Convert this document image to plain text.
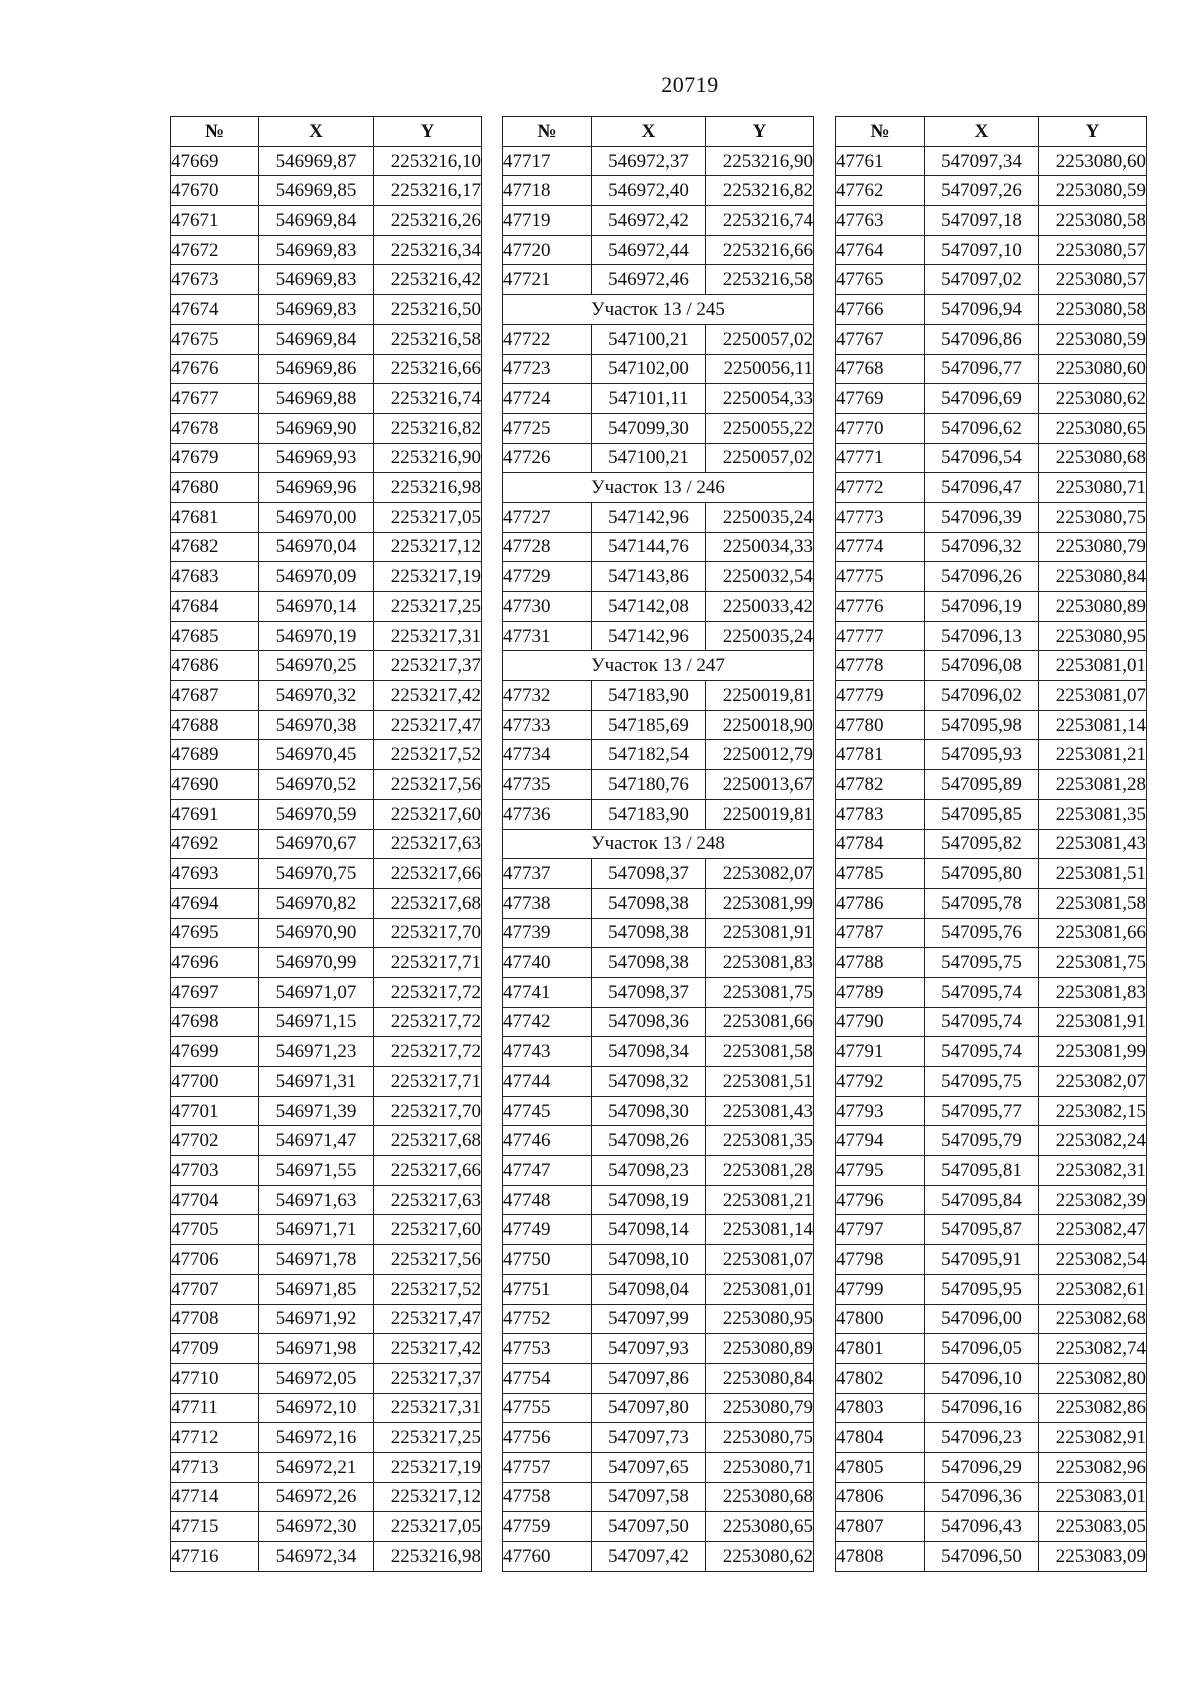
20719
№	X	Y
47669	546969,87	2253216,10
47670	546969,85	2253216,17
47671	546969,84	2253216,26
47672	546969,83	2253216,34
47673	546969,83	2253216,42
47674	546969,83	2253216,50
47675	546969,84	2253216,58
47676	546969,86	2253216,66
47677	546969,88	2253216,74
47678	546969,90	2253216,82
47679	546969,93	2253216,90
47680	546969,96	2253216,98
47681	546970,00	2253217,05
47682	546970,04	2253217,12
47683	546970,09	2253217,19
47684	546970,14	2253217,25
47685	546970,19	2253217,31
47686	546970,25	2253217,37
47687	546970,32	2253217,42
47688	546970,38	2253217,47
47689	546970,45	2253217,52
47690	546970,52	2253217,56
47691	546970,59	2253217,60
47692	546970,67	2253217,63
47693	546970,75	2253217,66
47694	546970,82	2253217,68
47695	546970,90	2253217,70
47696	546970,99	2253217,71
47697	546971,07	2253217,72
47698	546971,15	2253217,72
47699	546971,23	2253217,72
47700	546971,31	2253217,71
47701	546971,39	2253217,70
47702	546971,47	2253217,68
47703	546971,55	2253217,66
47704	546971,63	2253217,63
47705	546971,71	2253217,60
47706	546971,78	2253217,56
47707	546971,85	2253217,52
47708	546971,92	2253217,47
47709	546971,98	2253217,42
47710	546972,05	2253217,37
47711	546972,10	2253217,31
47712	546972,16	2253217,25
47713	546972,21	2253217,19
47714	546972,26	2253217,12
47715	546972,30	2253217,05
47716	546972,34	2253216,98
№	X	Y
47717	546972,37	2253216,90
47718	546972,40	2253216,82
47719	546972,42	2253216,74
47720	546972,44	2253216,66
47721	546972,46	2253216,58
Участок 13 / 245		
47722	547100,21	2250057,02
47723	547102,00	2250056,11
47724	547101,11	2250054,33
47725	547099,30	2250055,22
47726	547100,21	2250057,02
Участок 13 / 246		
47727	547142,96	2250035,24
47728	547144,76	2250034,33
47729	547143,86	2250032,54
47730	547142,08	2250033,42
47731	547142,96	2250035,24
Участок 13 / 247		
47732	547183,90	2250019,81
47733	547185,69	2250018,90
47734	547182,54	2250012,79
47735	547180,76	2250013,67
47736	547183,90	2250019,81
Участок 13 / 248		
47737	547098,37	2253082,07
47738	547098,38	2253081,99
47739	547098,38	2253081,91
47740	547098,38	2253081,83
47741	547098,37	2253081,75
47742	547098,36	2253081,66
47743	547098,34	2253081,58
47744	547098,32	2253081,51
47745	547098,30	2253081,43
47746	547098,26	2253081,35
47747	547098,23	2253081,28
47748	547098,19	2253081,21
47749	547098,14	2253081,14
47750	547098,10	2253081,07
47751	547098,04	2253081,01
47752	547097,99	2253080,95
47753	547097,93	2253080,89
47754	547097,86	2253080,84
47755	547097,80	2253080,79
47756	547097,73	2253080,75
47757	547097,65	2253080,71
47758	547097,58	2253080,68
47759	547097,50	2253080,65
47760	547097,42	2253080,62
№	X	Y
47761	547097,34	2253080,60
47762	547097,26	2253080,59
47763	547097,18	2253080,58
47764	547097,10	2253080,57
47765	547097,02	2253080,57
47766	547096,94	2253080,58
47767	547096,86	2253080,59
47768	547096,77	2253080,60
47769	547096,69	2253080,62
47770	547096,62	2253080,65
47771	547096,54	2253080,68
47772	547096,47	2253080,71
47773	547096,39	2253080,75
47774	547096,32	2253080,79
47775	547096,26	2253080,84
47776	547096,19	2253080,89
47777	547096,13	2253080,95
47778	547096,08	2253081,01
47779	547096,02	2253081,07
47780	547095,98	2253081,14
47781	547095,93	2253081,21
47782	547095,89	2253081,28
47783	547095,85	2253081,35
47784	547095,82	2253081,43
47785	547095,80	2253081,51
47786	547095,78	2253081,58
47787	547095,76	2253081,66
47788	547095,75	2253081,75
47789	547095,74	2253081,83
47790	547095,74	2253081,91
47791	547095,74	2253081,99
47792	547095,75	2253082,07
47793	547095,77	2253082,15
47794	547095,79	2253082,24
47795	547095,81	2253082,31
47796	547095,84	2253082,39
47797	547095,87	2253082,47
47798	547095,91	2253082,54
47799	547095,95	2253082,61
47800	547096,00	2253082,68
47801	547096,05	2253082,74
47802	547096,10	2253082,80
47803	547096,16	2253082,86
47804	547096,23	2253082,91
47805	547096,29	2253082,96
47806	547096,36	2253083,01
47807	547096,43	2253083,05
47808	547096,50	2253083,09
